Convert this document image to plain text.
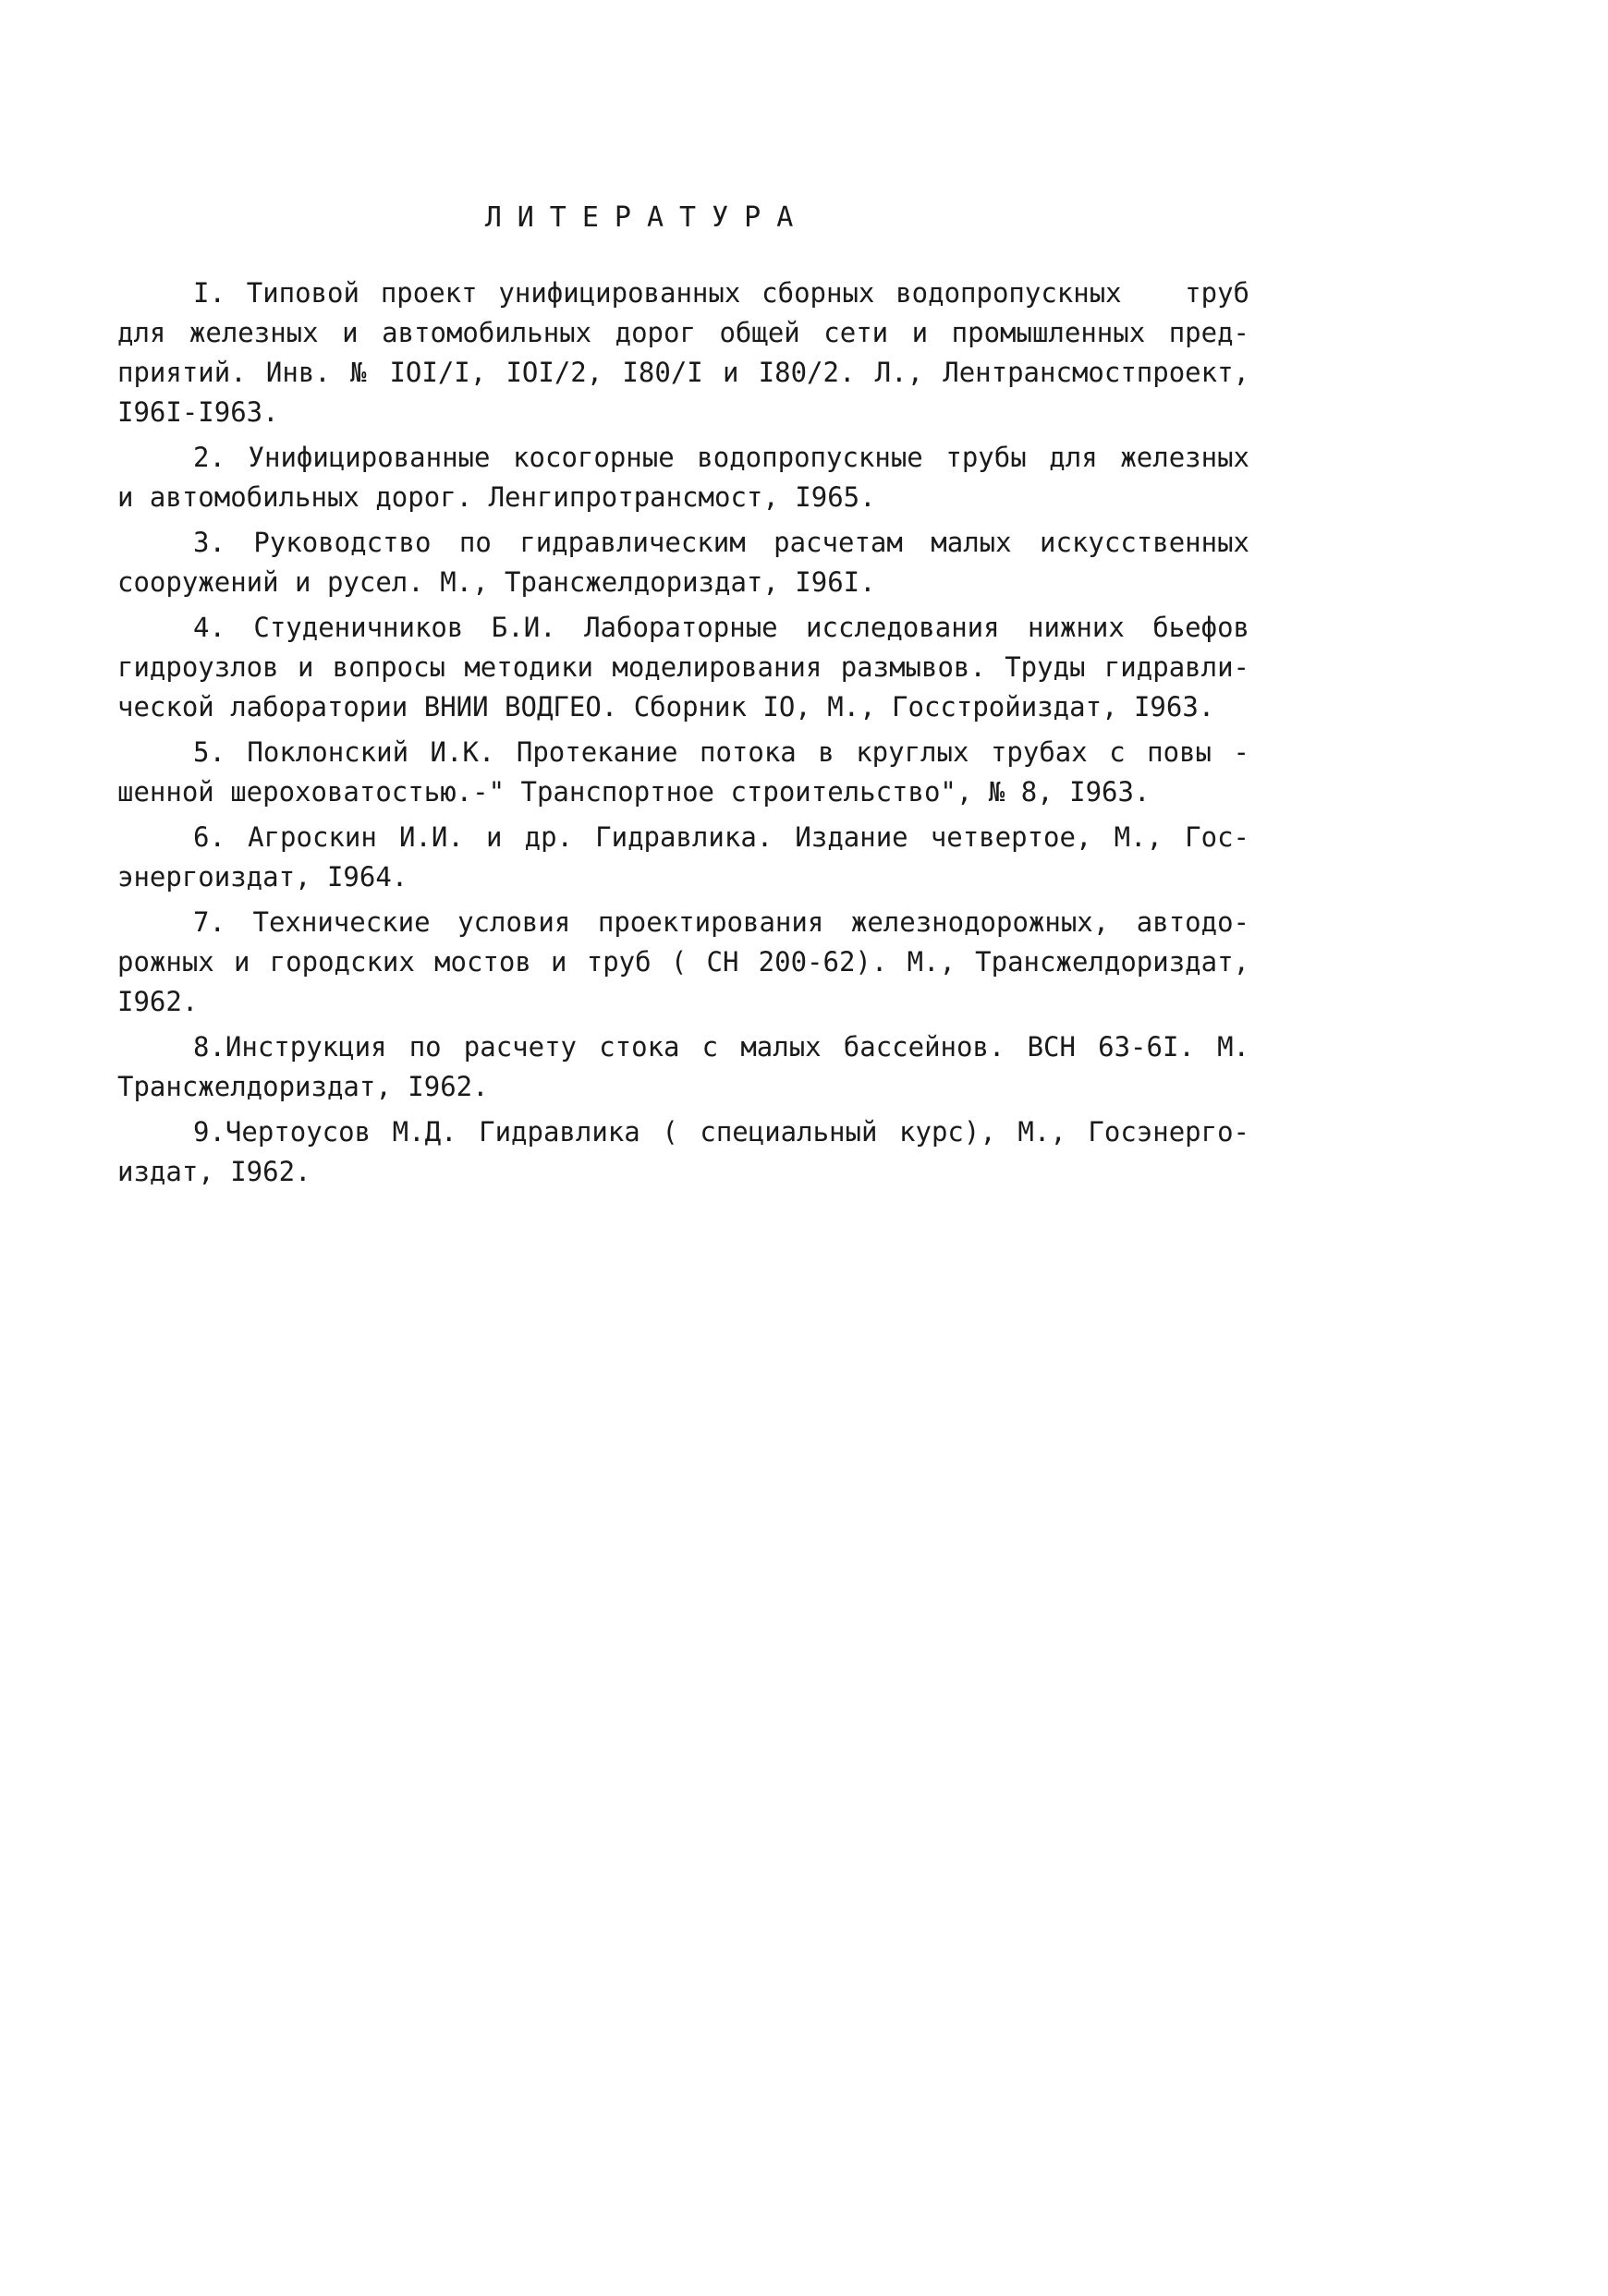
ЛИТЕРАТУРА
I. Типовой проект унифицированных сборных водопропускных   труб
для железных и автомобильных дорог общей сети и промышленных пред-
приятий. Инв. № IOI/I, IOI/2, I80/I и I80/2. Л., Лентрансмостпроект,
I96I-I963.
2. Унифицированные косогорные водопропускные трубы для железных
и автомобильных дорог. Ленгипротрансмост, I965.
3. Руководство по гидравлическим расчетам малых искусственных
сооружений и русел. М., Трансжелдориздат, I96I.
4. Студеничников Б.И. Лабораторные исследования нижних бьефов
гидроузлов и вопросы методики моделирования размывов. Труды гидравли-
ческой лаборатории ВНИИ ВОДГЕО. Сборник IO, М., Госстройиздат, I963.
5. Поклонский И.К. Протекание потока в круглых трубах с повы -
шенной шероховатостью.-" Транспортное строительство", № 8, I963.
6. Агроскин И.И. и др. Гидравлика. Издание четвертое, М., Гос-
энергоиздат, I964.
7. Технические условия проектирования железнодорожных, автодо-
рожных и городских мостов и труб ( СН 200-62). М., Трансжелдориздат,
I962.
8.Инструкция по расчету стока с малых бассейнов. ВСН 63-6I. М.
Трансжелдориздат, I962.
9.Чертоусов М.Д. Гидравлика ( специальный курс), М., Госэнерго-
издат, I962.
